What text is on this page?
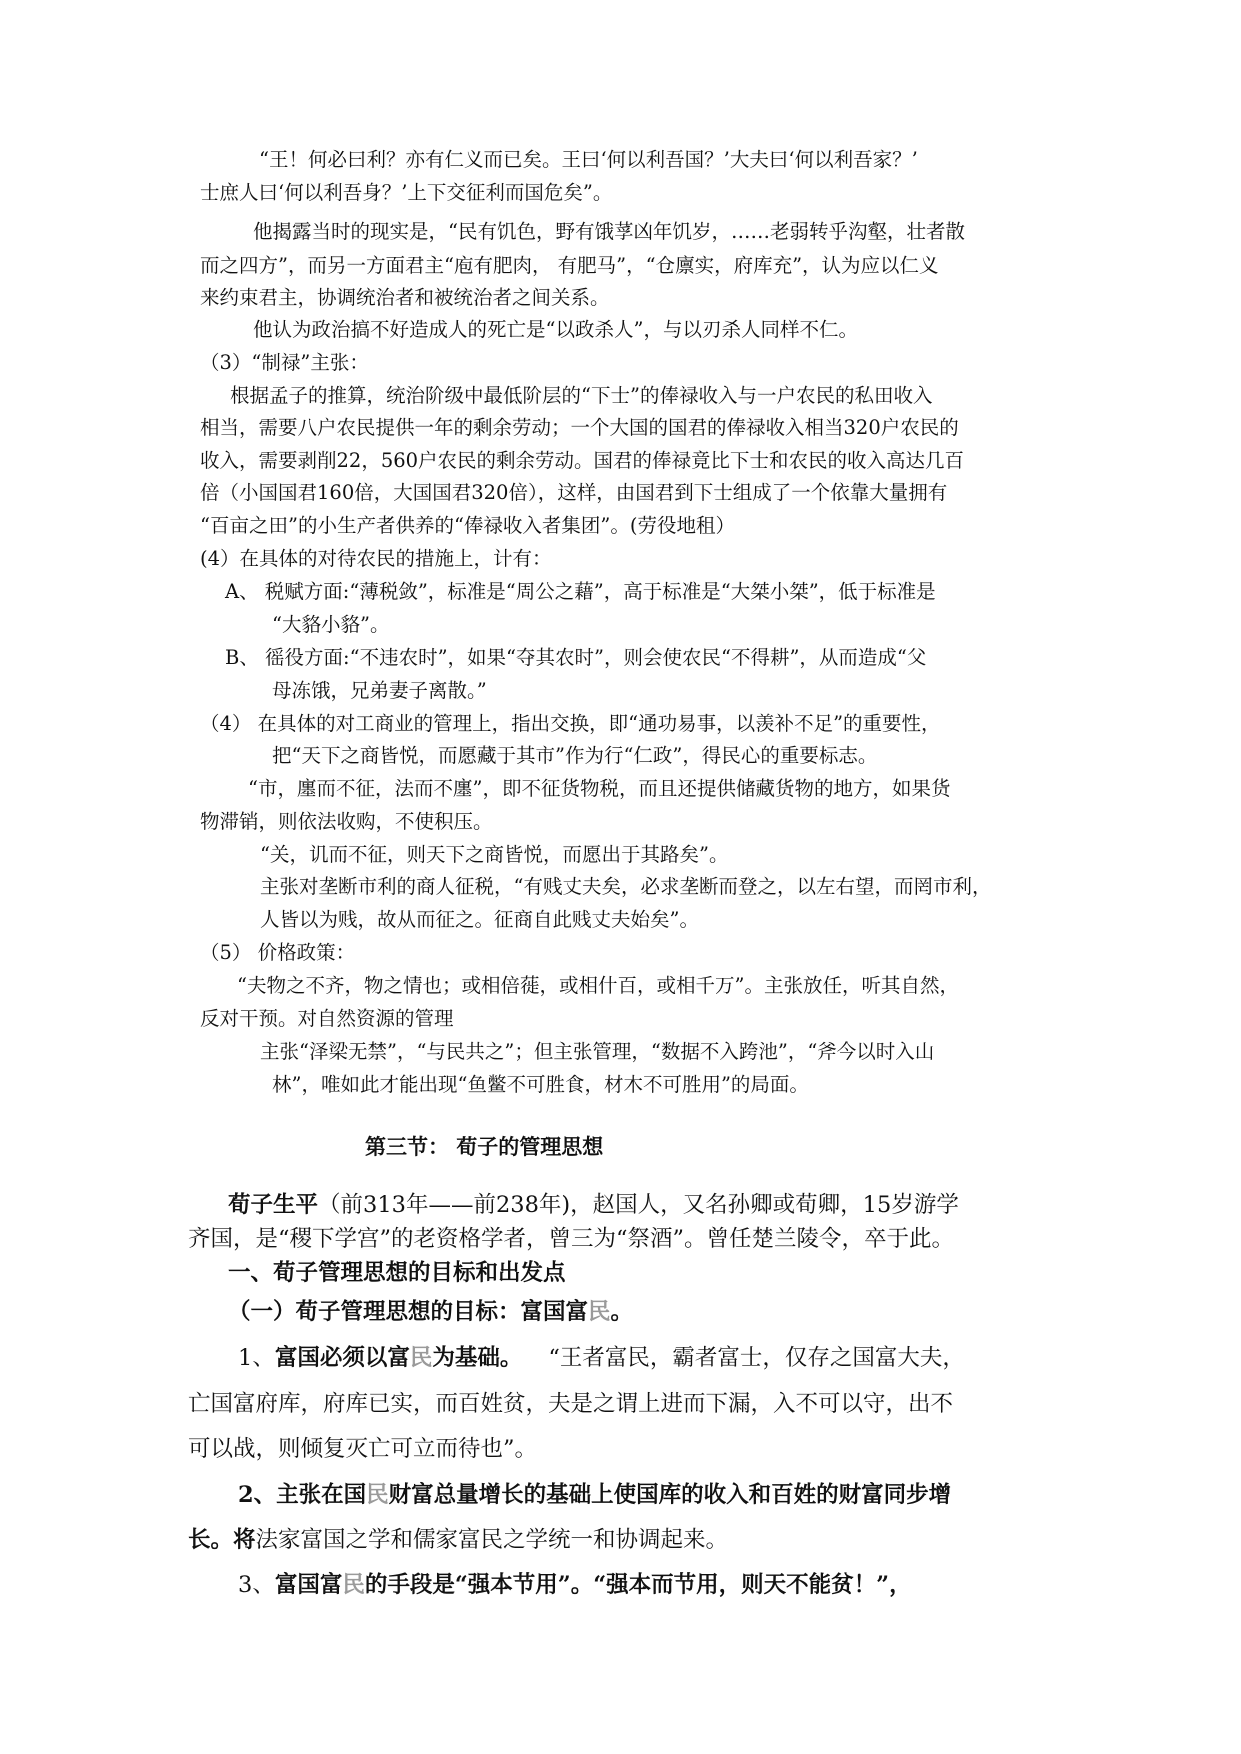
“王！何必曰利？亦有仁义而已矣。王曰‘何以利吾国？’大夫曰‘何以利吾家？’
士庶人曰‘何以利吾身？’上下交征利而国危矣”。
他揭露当时的现实是，“民有饥色，野有饿莩凶年饥岁，……老弱转乎沟壑，壮者散
而之四方”，而另一方面君主“庖有肥肉， 有肥马”，“仓廪实，府库充”，认为应以仁义
来约束君主，协调统治者和被统治者之间关系。
他认为政治搞不好造成人的死亡是“以政杀人”，与以刃杀人同样不仁。
（3）“制禄”主张：
根据孟子的推算，统治阶级中最低阶层的“下士”的俸禄收入与一户农民的私田收入
相当，需要八户农民提供一年的剩余劳动；一个大国的国君的俸禄收入相当320户农民的
收入，需要剥削22，560户农民的剩余劳动。国君的俸禄竟比下士和农民的收入高达几百
倍（小国国君160倍，大国国君320倍），这样，由国君到下士组成了一个依靠大量拥有
“百亩之田”的小生产者供养的“俸禄收入者集团”。(劳役地租）
(4）在具体的对待农民的措施上，计有：
A、 税赋方面:“薄税敛”，标准是“周公之藉”，高于标准是“大桀小桀”，低于标准是
“大貉小貉”。
B、 徭役方面:“不违农时”，如果“夺其农时”，则会使农民“不得耕”，从而造成“父
母冻饿，兄弟妻子离散。”
（4） 在具体的对工商业的管理上，指出交换，即“通功易事，以羡补不足”的重要性，
把“天下之商皆悦，而愿藏于其市”作为行“仁政”，得民心的重要标志。
“市，廛而不征，法而不廛”，即不征货物税，而且还提供储藏货物的地方，如果货
物滞销，则依法收购，不使积压。
“关，讥而不征，则天下之商皆悦，而愿出于其路矣”。
主张对垄断市利的商人征税，“有贱丈夫矣，必求垄断而登之，以左右望，而罔市利，
人皆以为贱，故从而征之。征商自此贱丈夫始矣”。
（5） 价格政策：
“夫物之不齐，物之情也；或相倍蓰，或相什百，或相千万”。主张放任，听其自然，
反对干预。对自然资源的管理
主张“泽梁无禁”，“与民共之”；但主张管理，“数据不入跨池”，“斧今以时入山
林”，唯如此才能出现“鱼鳖不可胜食，材木不可胜用”的局面。
第三节： 荀子的管理思想
荀子生平（前313年——前238年)，赵国人，又名孙卿或荀卿，15岁游学
齐国，是“稷下学宫”的老资格学者，曾三为“祭酒”。曾任楚兰陵令，卒于此。
一、荀子管理思想的目标和出发点
（一）荀子管理思想的目标：富国富民。
1、富国必须以富民为基础。 “王者富民，霸者富士，仅存之国富大夫，
亡国富府库，府库已实，而百姓贫，夫是之谓上进而下漏，入不可以守，出不
可以战，则倾复灭亡可立而待也”。
2、主张在国民财富总量增长的基础上使国库的收入和百姓的财富同步增
长。将法家富国之学和儒家富民之学统一和协调起来。
3、富国富民的手段是“强本节用”。“强本而节用，则天不能贫！”，
